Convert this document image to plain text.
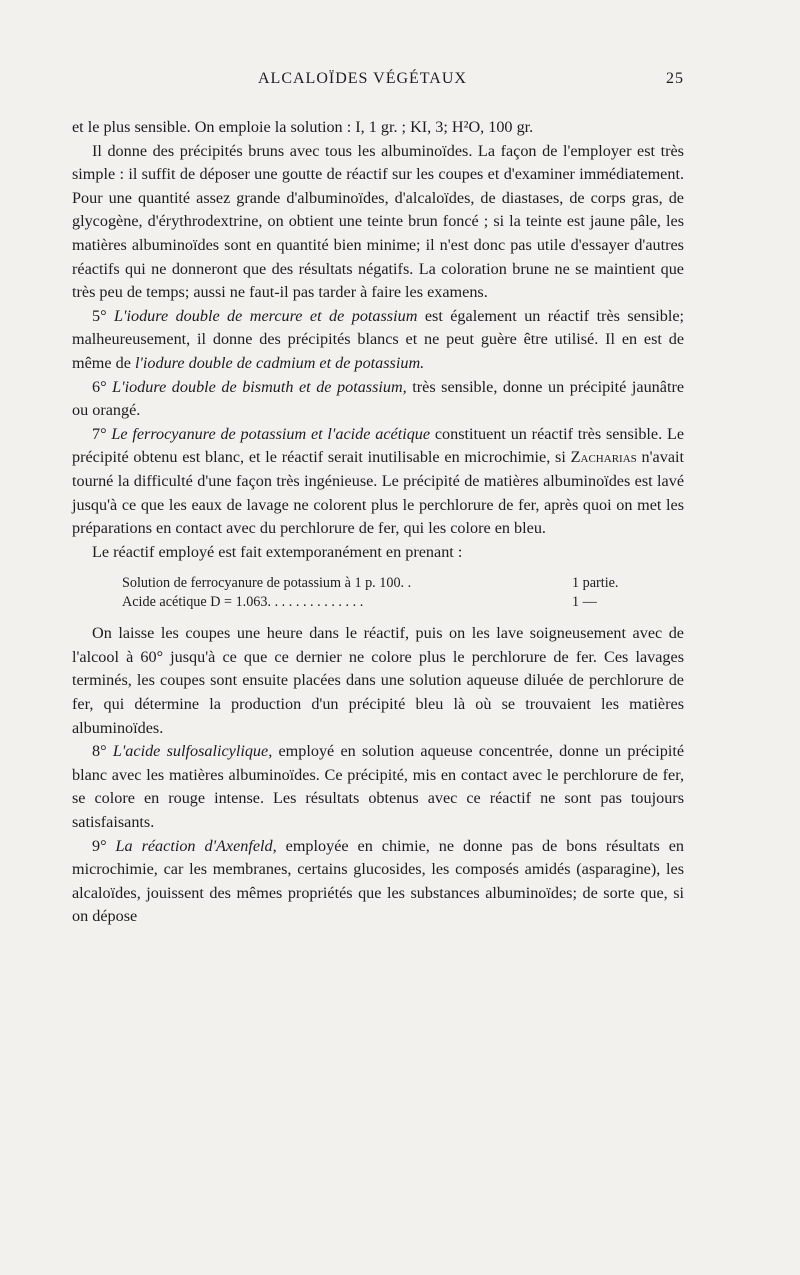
ALCALOÏDES VÉGÉTAUX	25

et le plus sensible. On emploie la solution : I, 1 gr. ; KI, 3; H²O, 100 gr.

Il donne des précipités bruns avec tous les albuminoïdes. La façon de l'employer est très simple : il suffit de déposer une goutte de réactif sur les coupes et d'examiner immédiatement. Pour une quantité assez grande d'albuminoïdes, d'alcaloïdes, de diastases, de corps gras, de glycogène, d'érythrodextrine, on obtient une teinte brun foncé ; si la teinte est jaune pâle, les matières albuminoïdes sont en quantité bien minime; il n'est donc pas utile d'essayer d'autres réactifs qui ne donneront que des résultats négatifs. La coloration brune ne se maintient que très peu de temps; aussi ne faut-il pas tarder à faire les examens.

5° L'iodure double de mercure et de potassium est également un réactif très sensible; malheureusement, il donne des précipités blancs et ne peut guère être utilisé. Il en est de même de l'iodure double de cadmium et de potassium.

6° L'iodure double de bismuth et de potassium, très sensible, donne un précipité jaunâtre ou orangé.

7° Le ferrocyanure de potassium et l'acide acétique constituent un réactif très sensible. Le précipité obtenu est blanc, et le réactif serait inutilisable en microchimie, si Zacharias n'avait tourné la difficulté d'une façon très ingénieuse. Le précipité de matières albuminoïdes est lavé jusqu'à ce que les eaux de lavage ne colorent plus le perchlorure de fer, après quoi on met les préparations en contact avec du perchlorure de fer, qui les colore en bleu.

Le réactif employé est fait extemporanément en prenant :

Solution de ferrocyanure de potassium à 1 p. 100. .	1 partie.
Acide acétique D = 1.063. . . . . . . . . . . . . .	1 —

On laisse les coupes une heure dans le réactif, puis on les lave soigneusement avec de l'alcool à 60° jusqu'à ce que ce dernier ne colore plus le perchlorure de fer. Ces lavages terminés, les coupes sont ensuite placées dans une solution aqueuse diluée de perchlorure de fer, qui détermine la production d'un précipité bleu là où se trouvaient les matières albuminoïdes.

8° L'acide sulfosalicylique, employé en solution aqueuse concentrée, donne un précipité blanc avec les matières albuminoïdes. Ce précipité, mis en contact avec le perchlorure de fer, se colore en rouge intense. Les résultats obtenus avec ce réactif ne sont pas toujours satisfaisants.

9° La réaction d'Axenfeld, employée en chimie, ne donne pas de bons résultats en microchimie, car les membranes, certains glucosides, les composés amidés (asparagine), les alcaloïdes, jouissent des mêmes propriétés que les substances albuminoïdes; de sorte que, si on dépose
